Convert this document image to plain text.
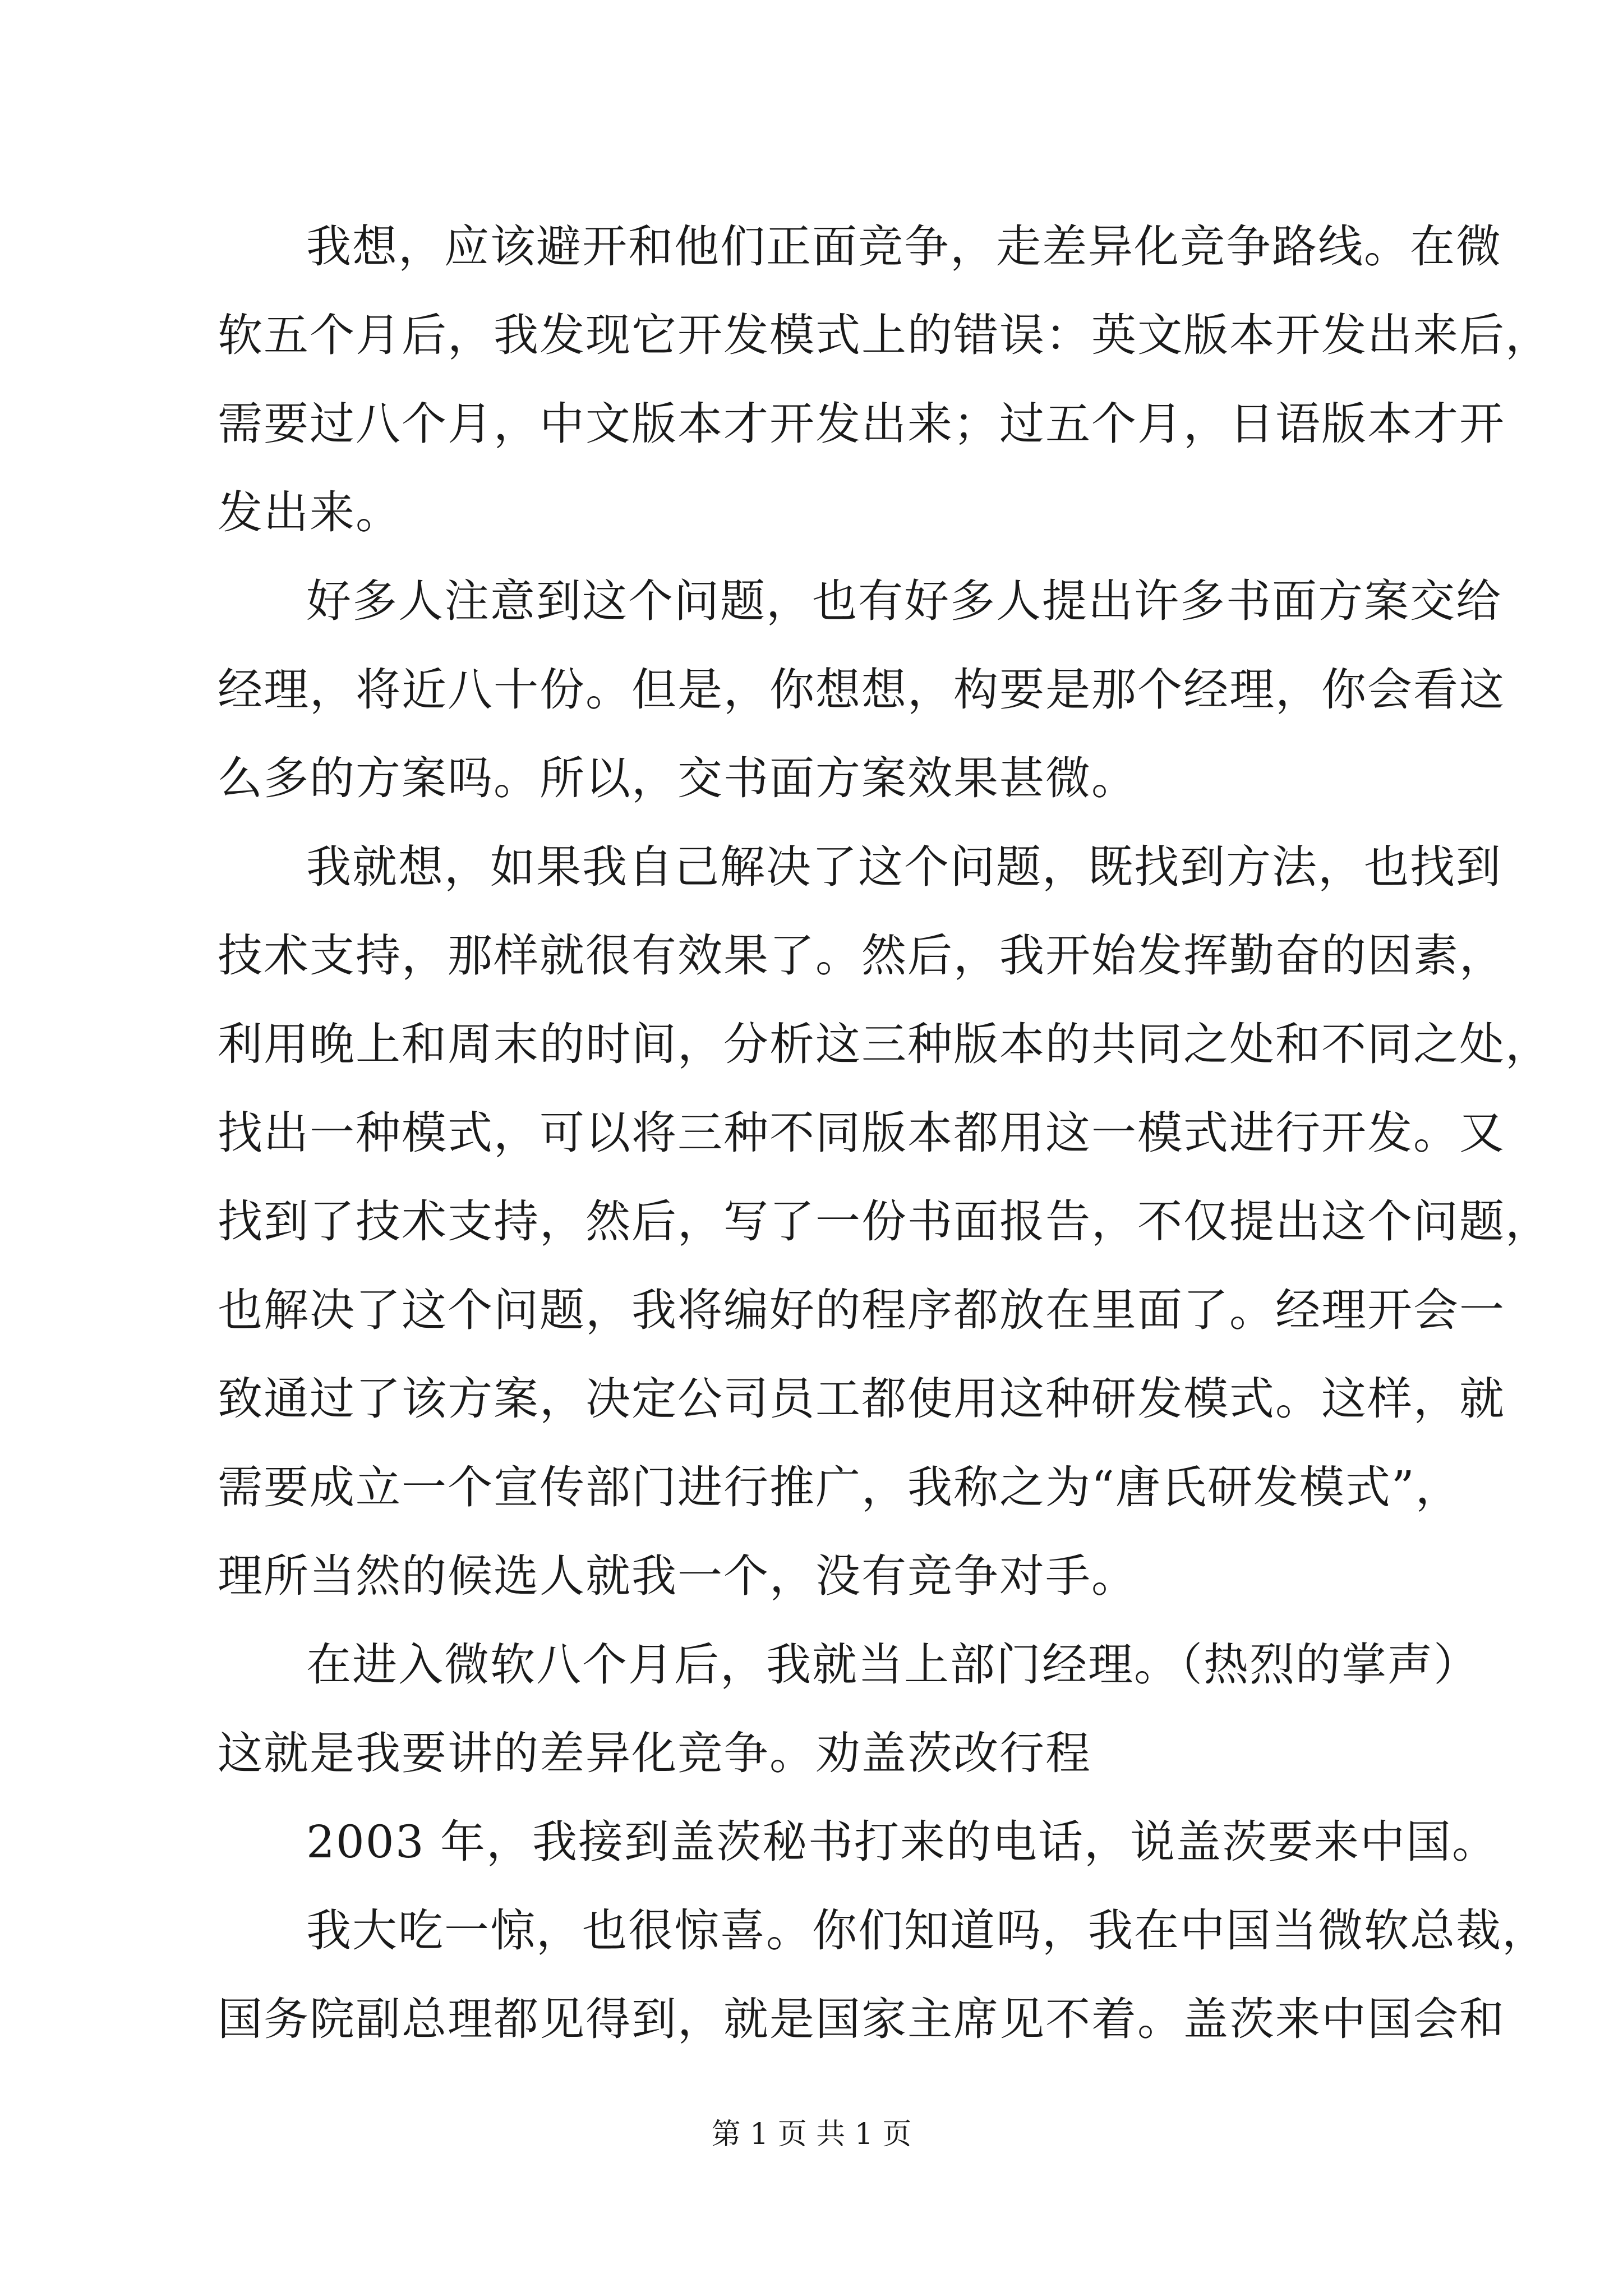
我想，应该避开和他们正面竞争，走差异化竞争路线。在微
软五个月后，我发现它开发模式上的错误：英文版本开发出来后，
需要过八个月，中文版本才开发出来；过五个月，日语版本才开
发出来。
好多人注意到这个问题，也有好多人提出许多书面方案交给
经理，将近八十份。但是，你想想，构要是那个经理，你会看这
么多的方案吗。所以，交书面方案效果甚微。
我就想，如果我自己解决了这个问题，既找到方法，也找到
技术支持，那样就很有效果了。然后，我开始发挥勤奋的因素，
利用晚上和周末的时间，分析这三种版本的共同之处和不同之处，
找出一种模式，可以将三种不同版本都用这一模式进行开发。又
找到了技术支持，然后，写了一份书面报告，不仅提出这个问题，
也解决了这个问题，我将编好的程序都放在里面了。经理开会一
致通过了该方案，决定公司员工都使用这种研发模式。这样，就
需要成立一个宣传部门进行推广，我称之为“唐氏研发模式”，
理所当然的候选人就我一个，没有竞争对手。
在进入微软八个月后，我就当上部门经理。（热烈的掌声）
这就是我要讲的差异化竞争。劝盖茨改行程
2003 年，我接到盖茨秘书打来的电话，说盖茨要来中国。
我大吃一惊，也很惊喜。你们知道吗，我在中国当微软总裁，
国务院副总理都见得到，就是国家主席见不着。盖茨来中国会和
第 1 页 共 1 页
